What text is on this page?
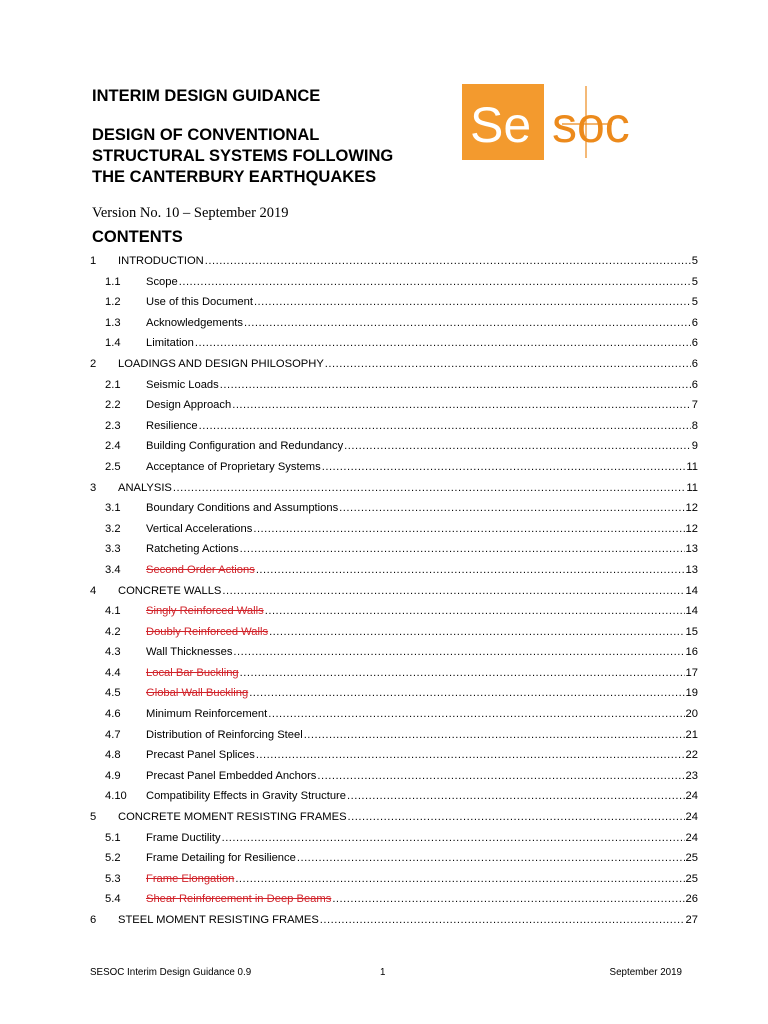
INTERIM DESIGN GUIDANCE

DESIGN OF CONVENTIONAL
STRUCTURAL SYSTEMS FOLLOWING
THE CANTERBURY EARTHQUAKES

Se soc
Version No. 10 – September 2019
CONTENTS
1	INTRODUCTION .....	5
1.1	Scope .....	5
1.2	Use of this Document .....	5
1.3	Acknowledgements .....	6
1.4	Limitation .....	6
2	LOADINGS AND DESIGN PHILOSOPHY .....	6
2.1	Seismic Loads .....	6
2.2	Design Approach .....	7
2.3	Resilience .....	8
2.4	Building Configuration and Redundancy .....	9
2.5	Acceptance of Proprietary Systems .....	11
3	ANALYSIS .....	11
3.1	Boundary Conditions and Assumptions .....	12
3.2	Vertical Accelerations .....	12
3.3	Ratcheting Actions .....	13
3.4	Second Order Actions .....	13
4	CONCRETE WALLS .....	14
4.1	Singly Reinforced Walls .....	14
4.2	Doubly Reinforced Walls .....	15
4.3	Wall Thicknesses .....	16
4.4	Local Bar Buckling .....	17
4.5	Global Wall Buckling .....	19
4.6	Minimum Reinforcement .....	20
4.7	Distribution of Reinforcing Steel .....	21
4.8	Precast Panel Splices .....	22
4.9	Precast Panel Embedded Anchors .....	23
4.10	Compatibility Effects in Gravity Structure .....	24
5	CONCRETE MOMENT RESISTING FRAMES .....	24
5.1	Frame Ductility .....	24
5.2	Frame Detailing for Resilience .....	25
5.3	Frame Elongation .....	25
5.4	Shear Reinforcement in Deep Beams .....	26
6	STEEL MOMENT RESISTING FRAMES .....	27
SESOC Interim Design Guidance 0.9	1	September 2019
